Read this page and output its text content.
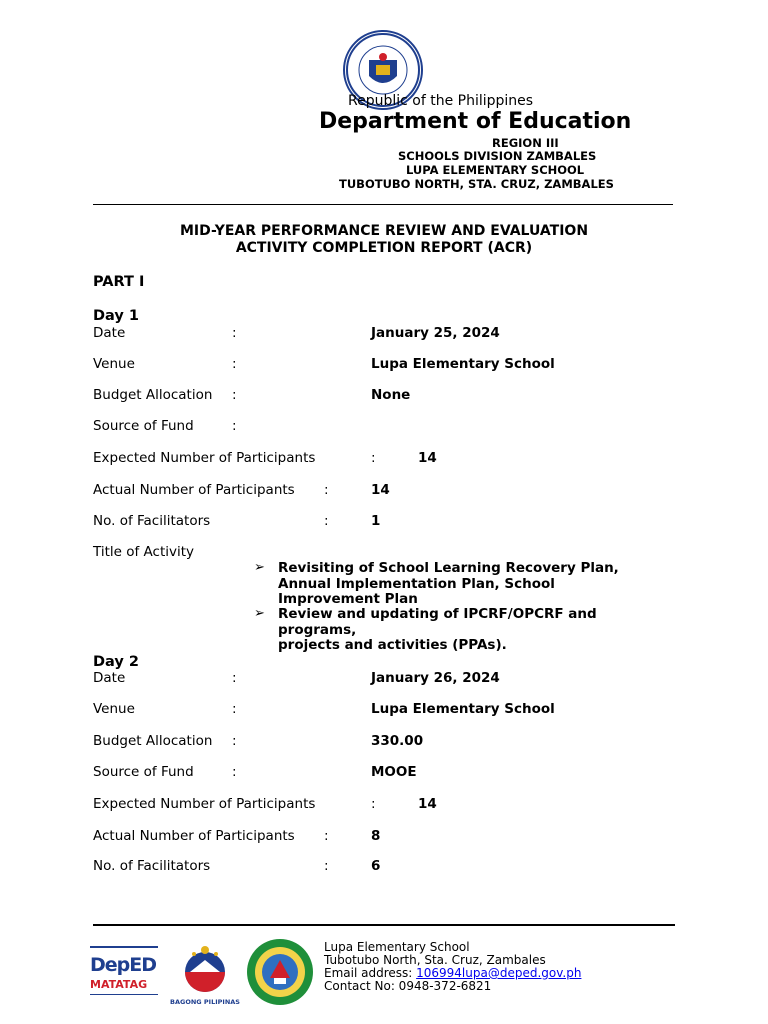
Republic of the Philippines
Department of Education
REGION III
SCHOOLS DIVISION ZAMBALES
LUPA ELEMENTARY SCHOOL
TUBOTUBO NORTH, STA. CRUZ, ZAMBALES
MID-YEAR PERFORMANCE REVIEW AND EVALUATION
ACTIVITY COMPLETION REPORT (ACR)
PART I
Day 1
Date	:	January 25, 2024
Venue	:	Lupa Elementary School
Budget Allocation :	None
Source of Fund	:
Expected Number of Participants	:	14
Actual Number of Participants :	14
No. of Facilitators	:	1
Title of Activity
➢ Revisiting of School Learning Recovery Plan,
Annual Implementation Plan, School
Improvement Plan
➢ Review and updating of IPCRF/OPCRF and
programs,
projects and activities (PPAs).
Day 2
Date	:	January 26, 2024
Venue	:	Lupa Elementary School
Budget Allocation :	330.00
Source of Fund	:	MOOE
Expected Number of Participants	:	14
Actual Number of Participants :	8
No. of Facilitators	:	6
DepED
MATATAG
BAGONG PILIPINAS
Lupa Elementary School
Tubotubo North, Sta. Cruz, Zambales
Email address: 106994lupa@deped.gov.ph
Contact No: 0948-372-6821
